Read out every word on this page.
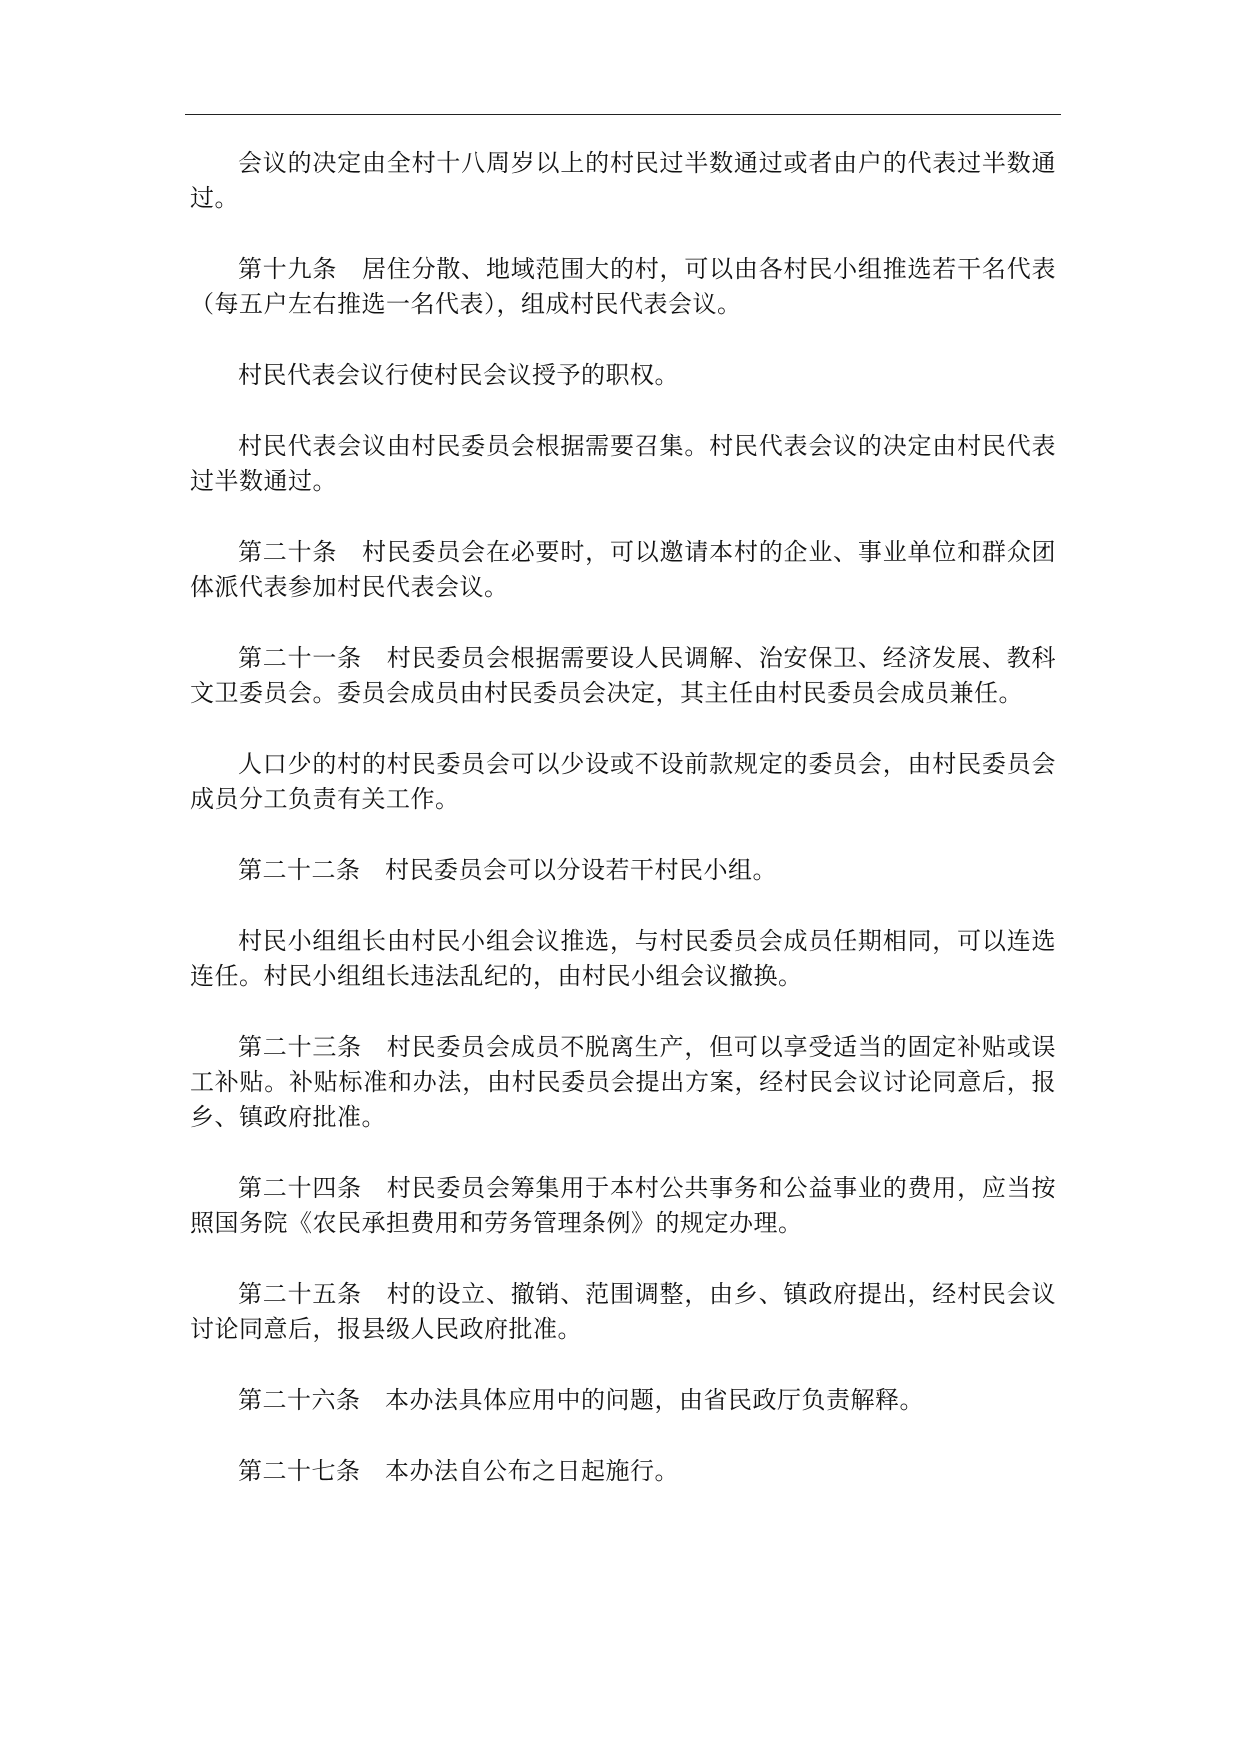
会议的决定由全村十八周岁以上的村民过半数通过或者由户的代表过半数通过。

第十九条　居住分散、地域范围大的村，可以由各村民小组推选若干名代表（每五户左右推选一名代表），组成村民代表会议。

村民代表会议行使村民会议授予的职权。

村民代表会议由村民委员会根据需要召集。村民代表会议的决定由村民代表过半数通过。

第二十条　村民委员会在必要时，可以邀请本村的企业、事业单位和群众团体派代表参加村民代表会议。

第二十一条　村民委员会根据需要设人民调解、治安保卫、经济发展、教科文卫委员会。委员会成员由村民委员会决定，其主任由村民委员会成员兼任。

人口少的村的村民委员会可以少设或不设前款规定的委员会，由村民委员会成员分工负责有关工作。

第二十二条　村民委员会可以分设若干村民小组。

村民小组组长由村民小组会议推选，与村民委员会成员任期相同，可以连选连任。村民小组组长违法乱纪的，由村民小组会议撤换。

第二十三条　村民委员会成员不脱离生产，但可以享受适当的固定补贴或误工补贴。补贴标准和办法，由村民委员会提出方案，经村民会议讨论同意后，报乡、镇政府批准。

第二十四条　村民委员会筹集用于本村公共事务和公益事业的费用，应当按照国务院《农民承担费用和劳务管理条例》的规定办理。

第二十五条　村的设立、撤销、范围调整，由乡、镇政府提出，经村民会议讨论同意后，报县级人民政府批准。

第二十六条　本办法具体应用中的问题，由省民政厅负责解释。

第二十七条　本办法自公布之日起施行。
